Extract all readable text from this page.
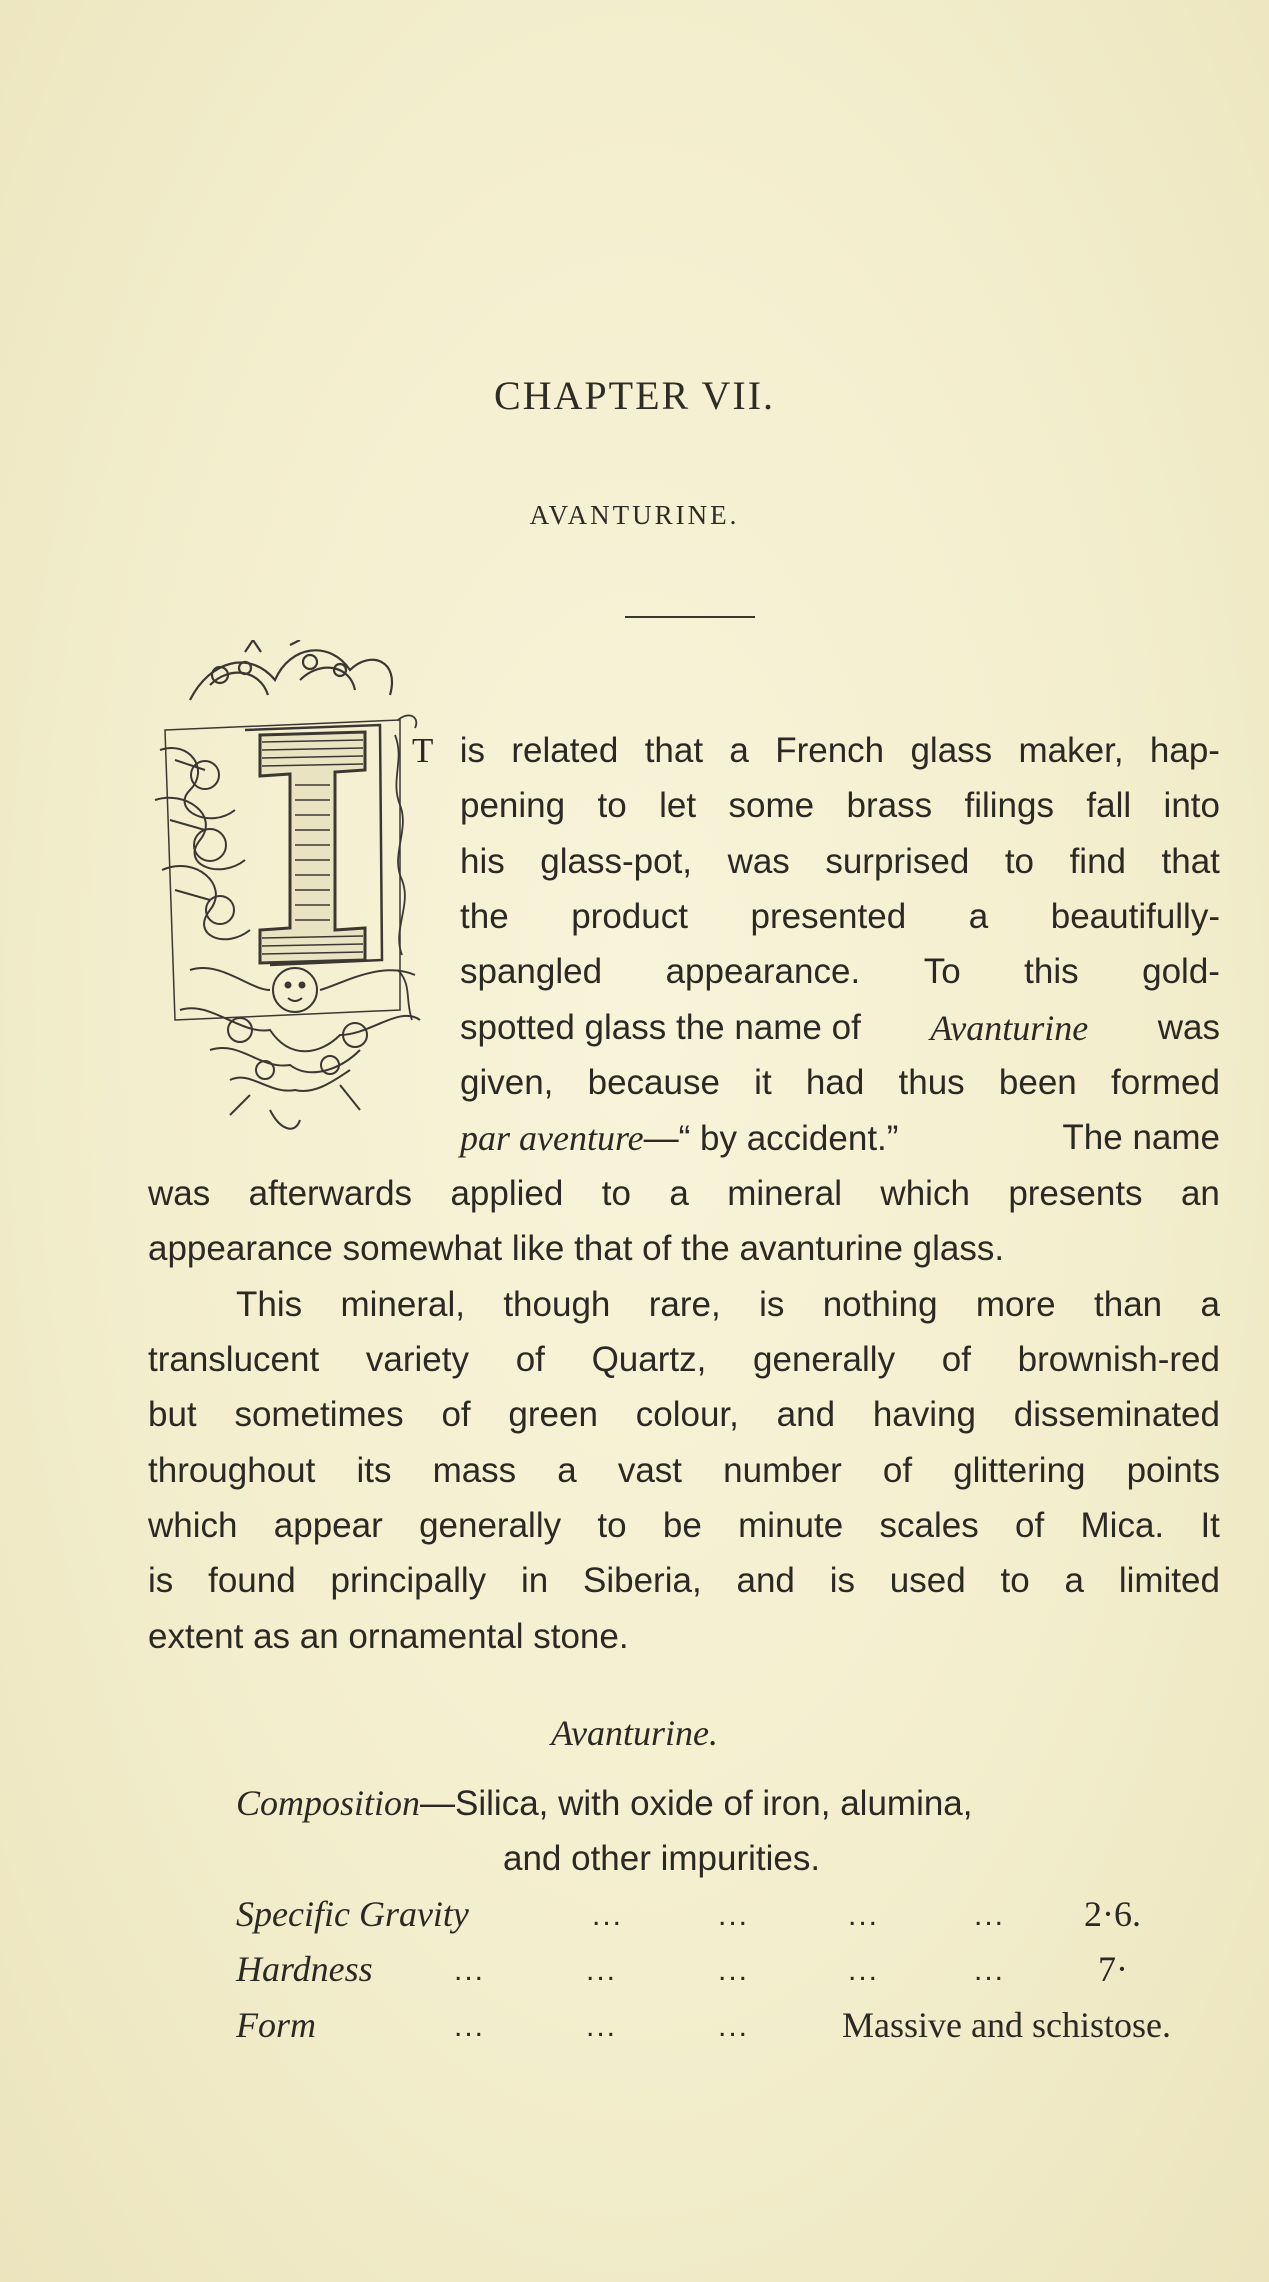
CHAPTER VII.
AVANTURINE.
T is related that a French glass maker, hap-
pening to let some brass filings fall into
his glass-pot, was surprised to find that
the product presented a beautifully-
spangled appearance. To this gold-
spotted glass the name of Avanturine was
given, because it had thus been formed
par aventure—“ by accident.”	The name
was afterwards applied to a mineral which presents an
appearance somewhat like that of the avanturine glass.
This mineral, though rare, is nothing more than a
translucent variety of Quartz, generally of brownish-red
but sometimes of green colour, and having disseminated
throughout its mass a vast number of glittering points
which appear generally to be minute scales of Mica. It
is found principally in Siberia, and is used to a limited
extent as an ornamental stone.
Avanturine.
Composition—Silica, with oxide of iron, alumina,
and other impurities.
Specific Gravity	...	...	...	... 2·6.
Hardness	...	...	...	...	...	7·
Form	...	...	...	Massive and schistose.
